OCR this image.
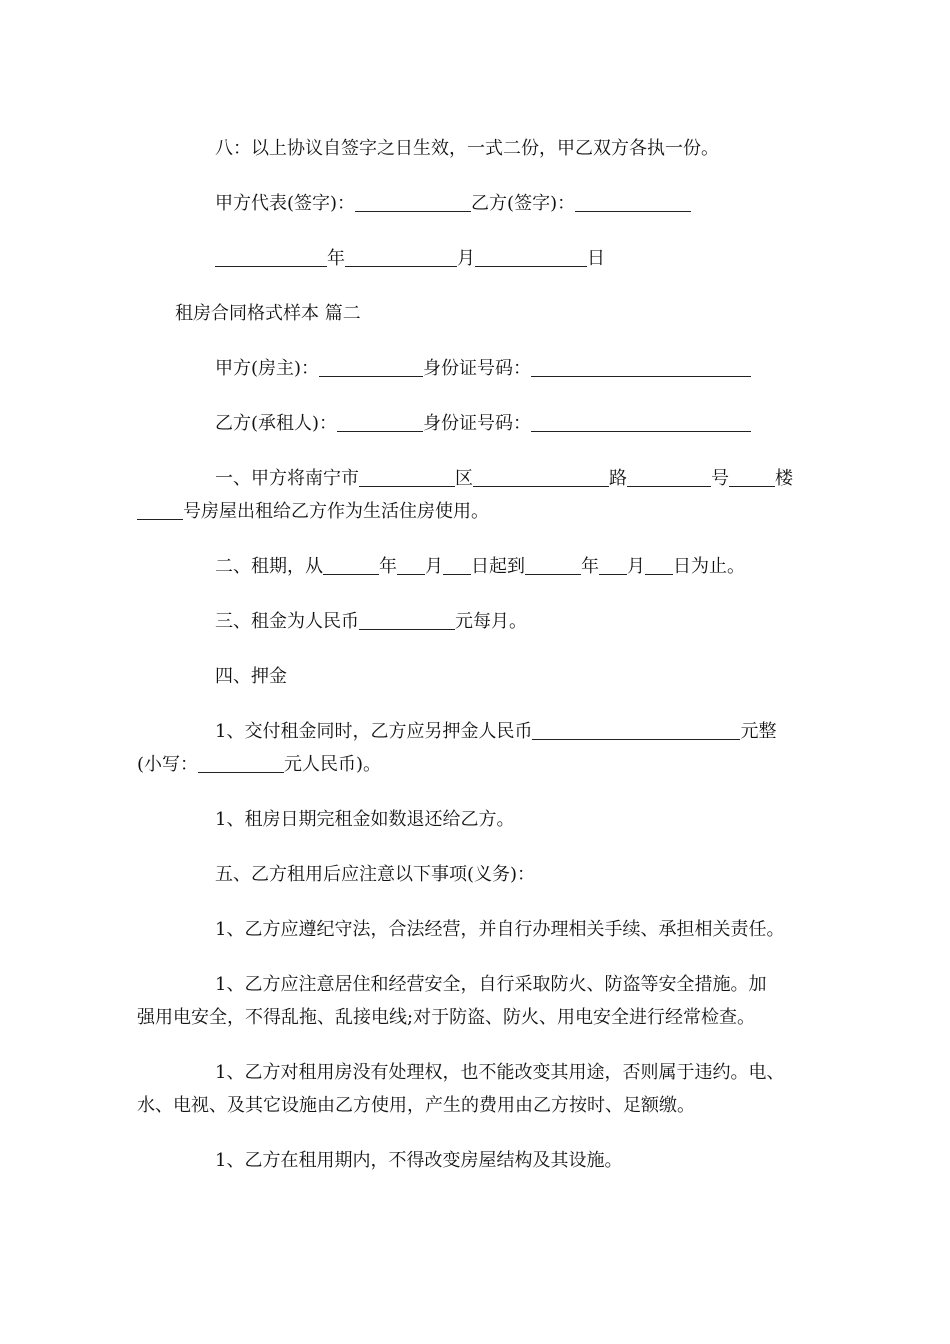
八：以上协议自签字之日生效，一式二份，甲乙双方各执一份。
甲方代表(签字)：	乙方(签字)：
年	月	日
租房合同格式样本 篇二
甲方(房主)：	身份证号码：
乙方(承租人)：	身份证号码：
一、甲方将南宁市	区	路	号	楼
号房屋出租给乙方作为生活住房使用。
二、租期，从	年 月 日起到	年 月 日为止。
三、租金为人民币	元每月。
四、押金
1、交付租金同时，乙方应另押金人民币	元整
(小写：	元人民币)。
1、租房日期完租金如数退还给乙方。
五、乙方租用后应注意以下事项(义务)：
1、乙方应遵纪守法，合法经营，并自行办理相关手续、承担相关责任。
1、乙方应注意居住和经营安全，自行采取防火、防盗等安全措施。加
强用电安全，不得乱拖、乱接电线;对于防盗、防火、用电安全进行经常检查。
1、乙方对租用房没有处理权，也不能改变其用途，否则属于违约。电、
水、电视、及其它设施由乙方使用，产生的费用由乙方按时、足额缴。
1、乙方在租用期内，不得改变房屋结构及其设施。
